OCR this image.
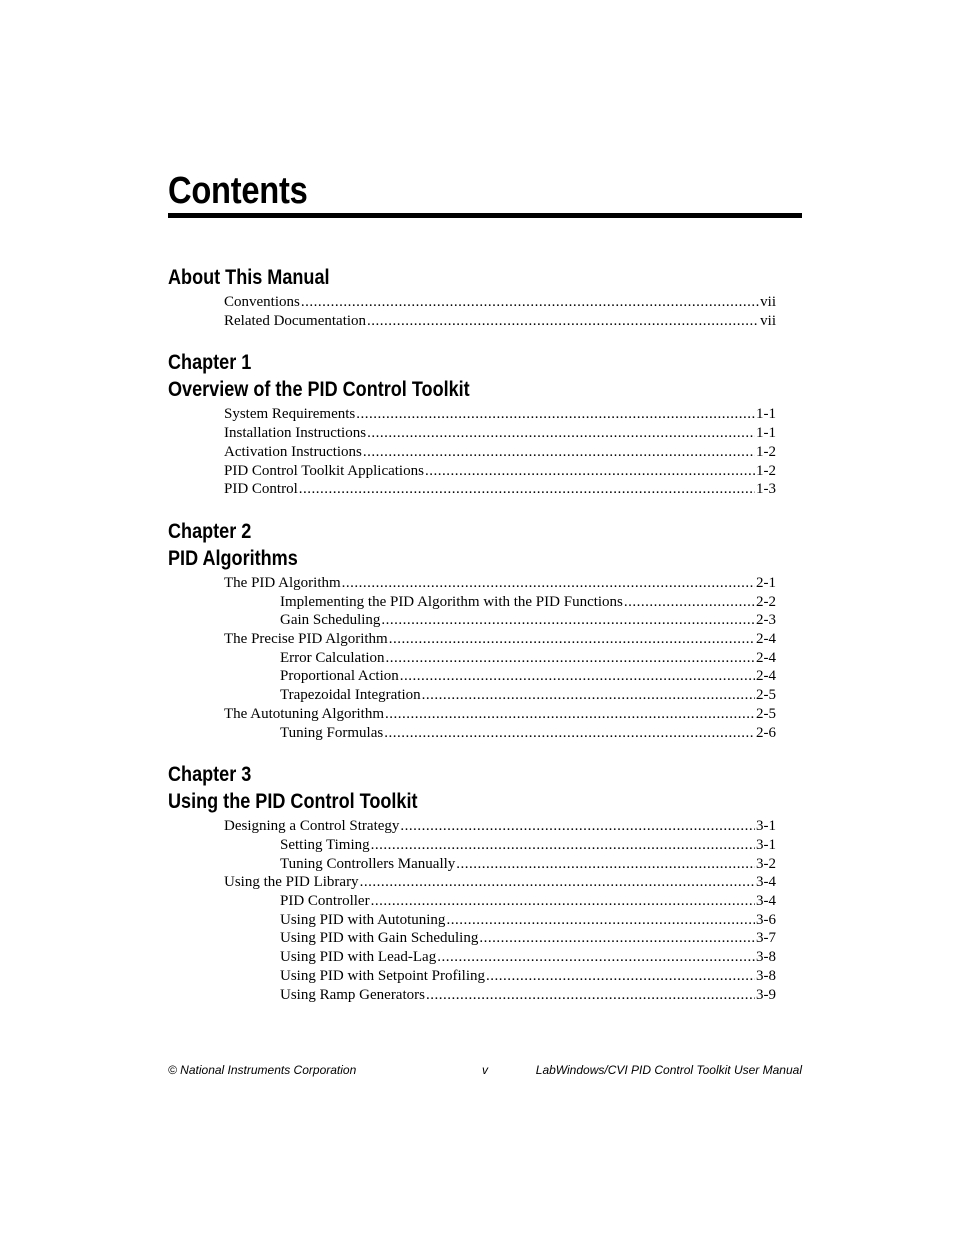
Contents
About This Manual
Conventions .....	vii
Related Documentation .....	vii
Chapter 1
Overview of the PID Control Toolkit
System Requirements .....	1-1
Installation Instructions .....	1-1
Activation Instructions .....	1-2
PID Control Toolkit Applications .....	1-2
PID Control .....	1-3
Chapter 2
PID Algorithms
The PID Algorithm .....	2-1
Implementing the PID Algorithm with the PID Functions .....	2-2
Gain Scheduling .....	2-3
The Precise PID Algorithm .....	2-4
Error Calculation .....	2-4
Proportional Action .....	2-4
Trapezoidal Integration .....	2-5
The Autotuning Algorithm .....	2-5
Tuning Formulas .....	2-6
Chapter 3
Using the PID Control Toolkit
Designing a Control Strategy .....	3-1
Setting Timing .....	3-1
Tuning Controllers Manually .....	3-2
Using the PID Library .....	3-4
PID Controller .....	3-4
Using PID with Autotuning .....	3-6
Using PID with Gain Scheduling .....	3-7
Using PID with Lead-Lag .....	3-8
Using PID with Setpoint Profiling .....	3-8
Using Ramp Generators .....	3-9
© National Instruments Corporation	v	LabWindows/CVI PID Control Toolkit User Manual
